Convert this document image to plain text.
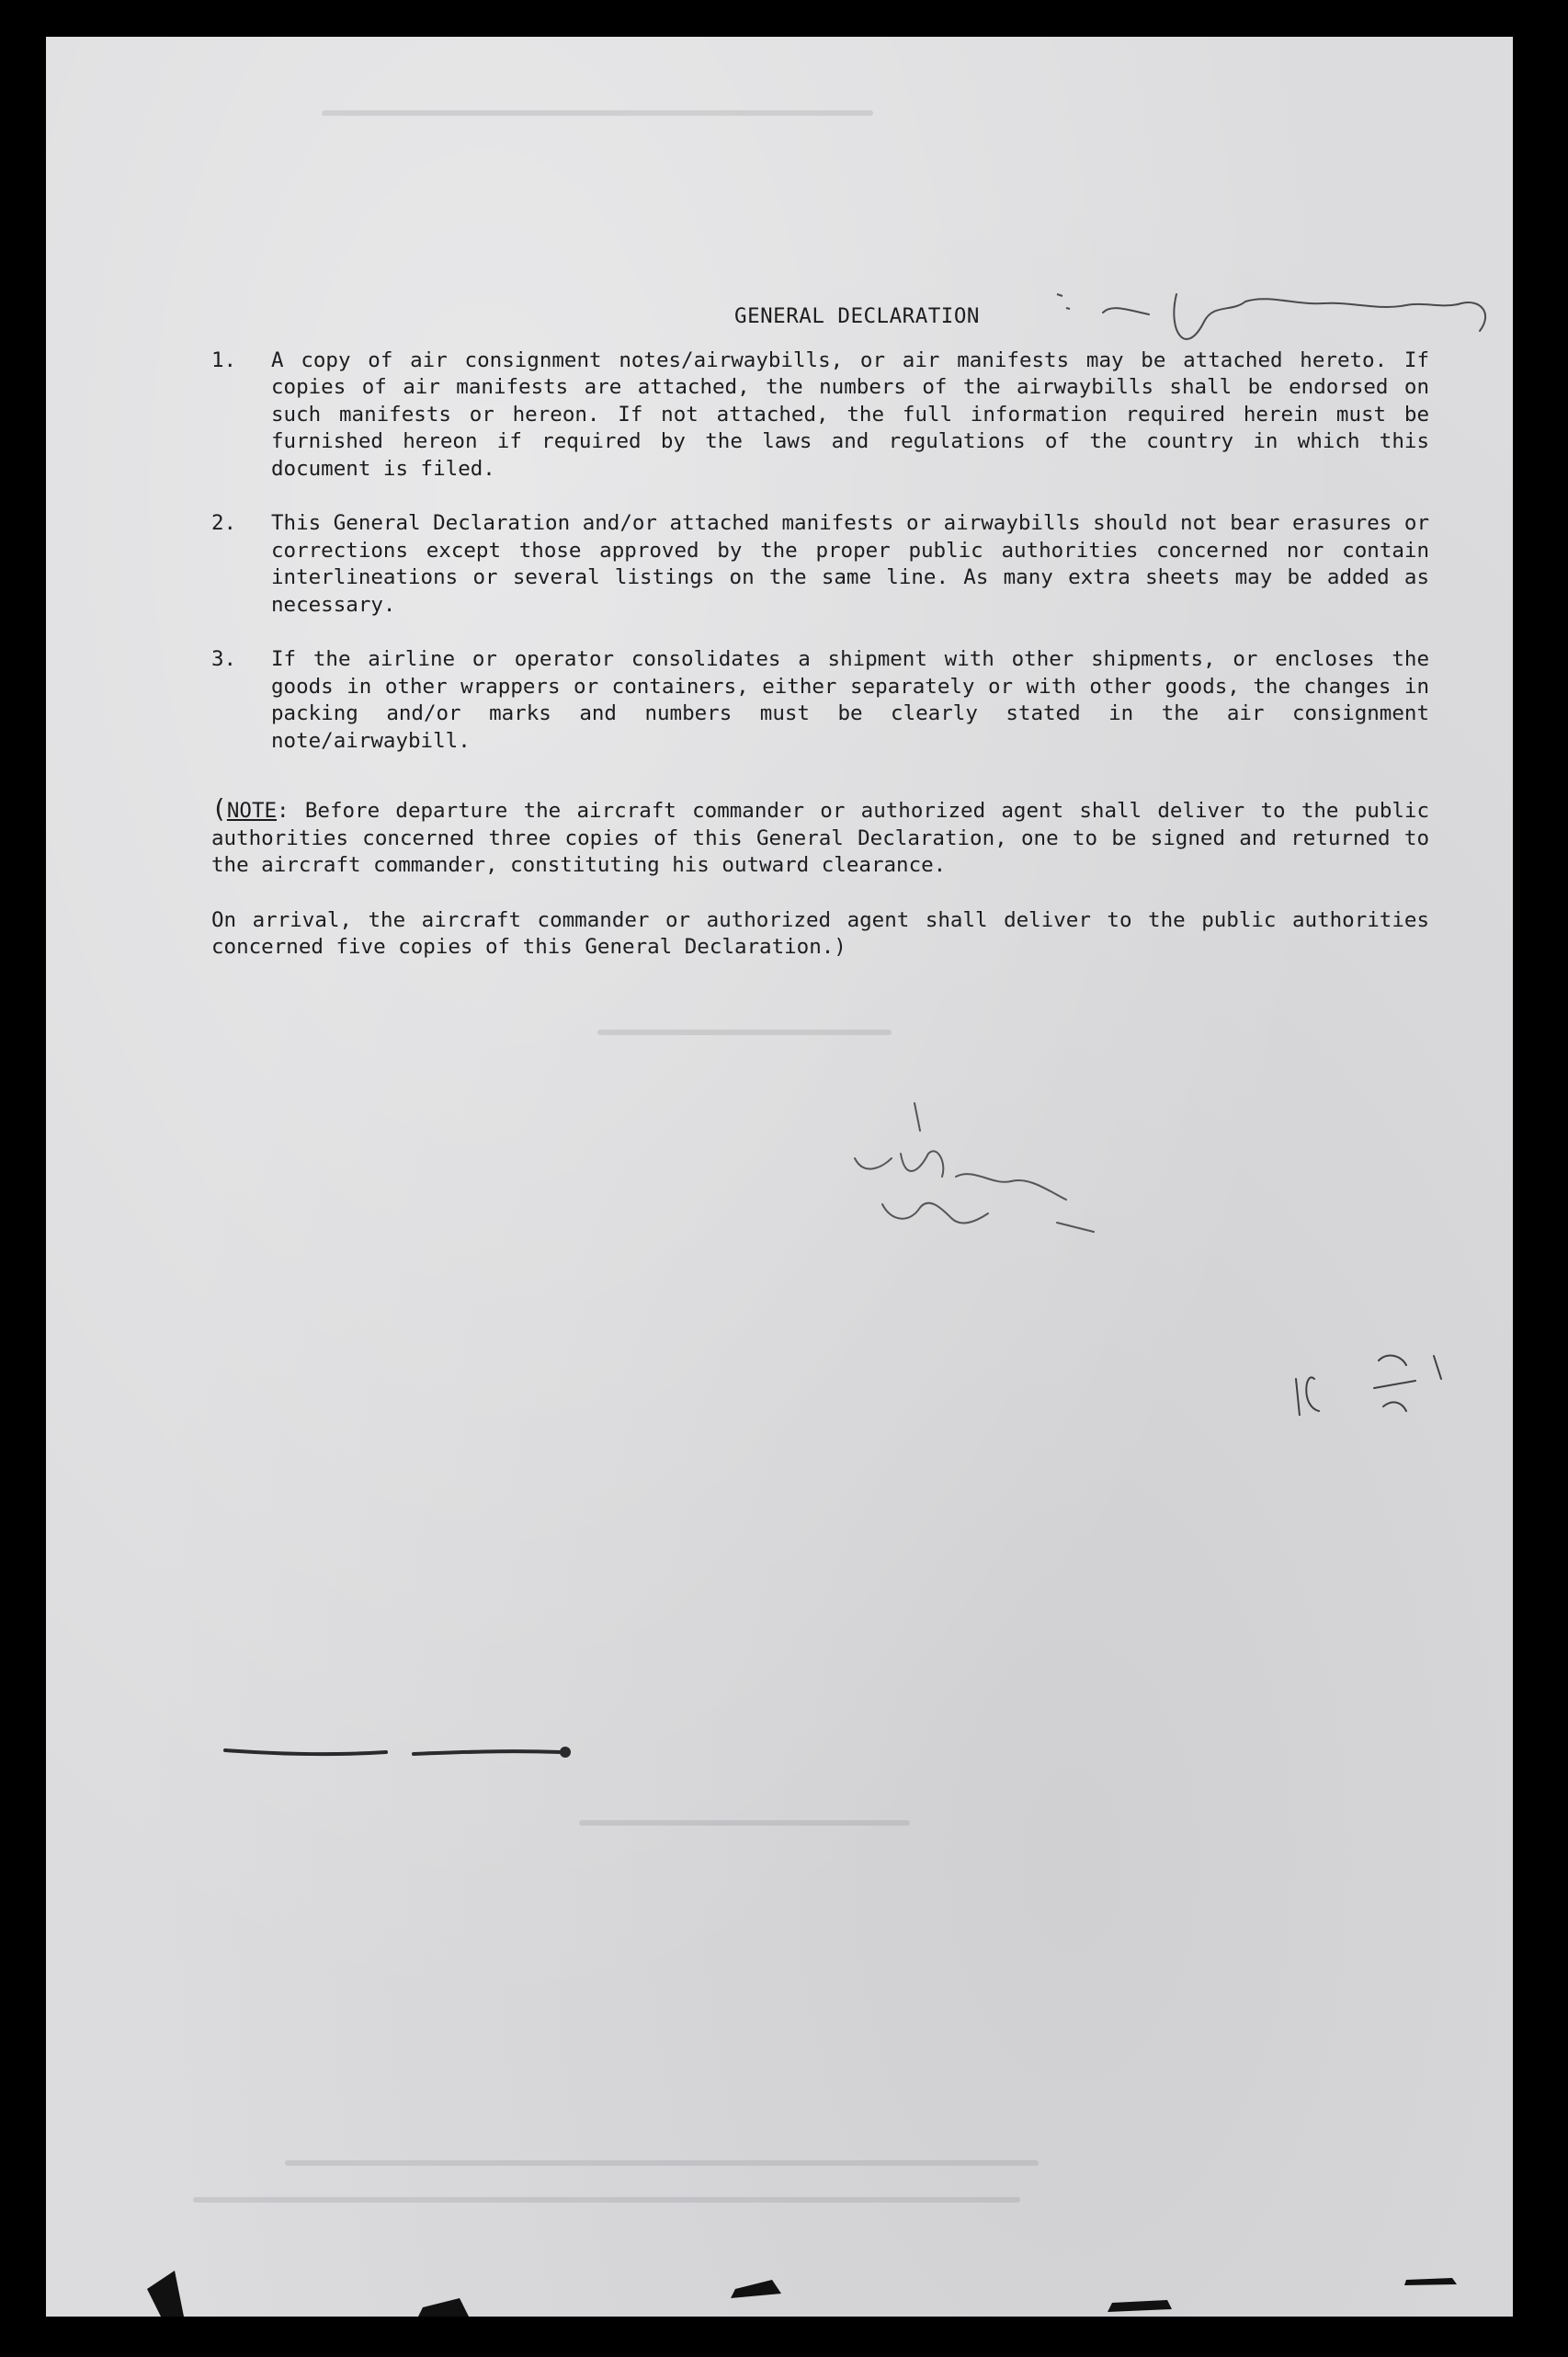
GENERAL DECLARATION
1.	A copy of air consignment notes/airwaybills, or air manifests may be attached hereto. If copies of air manifests are attached, the numbers of the airwaybills shall be endorsed on such manifests or hereon. If not attached, the full information required herein must be furnished hereon if required by the laws and regulations of the country in which this document is filed.
2.	This General Declaration and/or attached manifests or airwaybills should not bear erasures or corrections except those approved by the proper public authorities concerned nor contain interlineations or several listings on the same line. As many extra sheets may be added as necessary.
3.	If the airline or operator consolidates a shipment with other shipments, or encloses the goods in other wrappers or containers, either separately or with other goods, the changes in packing and/or marks and numbers must be clearly stated in the air consignment note/airwaybill.
(NOTE: Before departure the aircraft commander or authorized agent shall deliver to the public authorities concerned three copies of this General Declaration, one to be signed and returned to the aircraft commander, constituting his outward clearance.
On arrival, the aircraft commander or authorized agent shall deliver to the public authorities concerned five copies of this General Declaration.)
